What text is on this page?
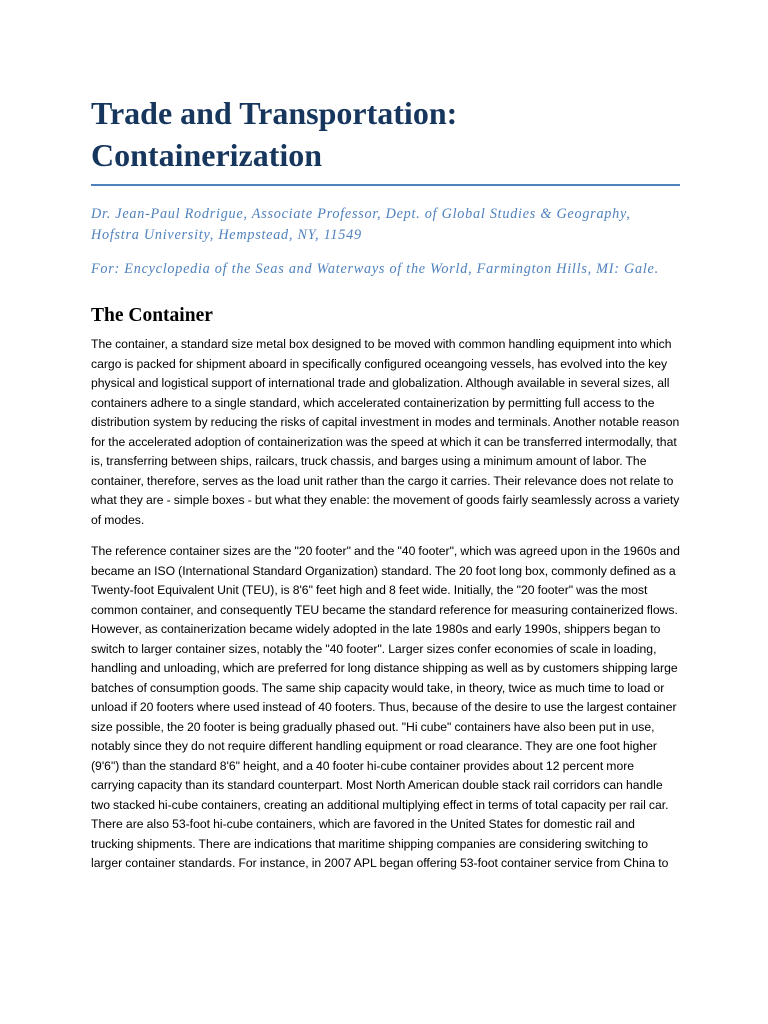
Trade and Transportation:
Containerization

Dr. Jean-Paul Rodrigue, Associate Professor, Dept. of Global Studies & Geography, Hofstra University, Hempstead, NY, 11549

For: Encyclopedia of the Seas and Waterways of the World, Farmington Hills, MI: Gale.

The Container

The container, a standard size metal box designed to be moved with common handling equipment into which cargo is packed for shipment aboard in specifically configured oceangoing vessels, has evolved into the key physical and logistical support of international trade and globalization. Although available in several sizes, all containers adhere to a single standard, which accelerated containerization by permitting full access to the distribution system by reducing the risks of capital investment in modes and terminals. Another notable reason for the accelerated adoption of containerization was the speed at which it can be transferred intermodally, that is, transferring between ships, railcars, truck chassis, and barges using a minimum amount of labor. The container, therefore, serves as the load unit rather than the cargo it carries. Their relevance does not relate to what they are - simple boxes - but what they enable: the movement of goods fairly seamlessly across a variety of modes.

The reference container sizes are the "20 footer" and the "40 footer", which was agreed upon in the 1960s and became an ISO (International Standard Organization) standard. The 20 foot long box, commonly defined as a Twenty-foot Equivalent Unit (TEU), is 8'6" feet high and 8 feet wide. Initially, the "20 footer" was the most common container, and consequently TEU became the standard reference for measuring containerized flows. However, as containerization became widely adopted in the late 1980s and early 1990s, shippers began to switch to larger container sizes, notably the "40 footer". Larger sizes confer economies of scale in loading, handling and unloading, which are preferred for long distance shipping as well as by customers shipping large batches of consumption goods. The same ship capacity would take, in theory, twice as much time to load or unload if 20 footers where used instead of 40 footers. Thus, because of the desire to use the largest container size possible, the 20 footer is being gradually phased out. "Hi cube" containers have also been put in use, notably since they do not require different handling equipment or road clearance. They are one foot higher (9'6") than the standard 8'6" height, and a 40 footer hi-cube container provides about 12 percent more carrying capacity than its standard counterpart. Most North American double stack rail corridors can handle two stacked hi-cube containers, creating an additional multiplying effect in terms of total capacity per rail car. There are also 53-foot hi-cube containers, which are favored in the United States for domestic rail and trucking shipments. There are indications that maritime shipping companies are considering switching to larger container standards. For instance, in 2007 APL began offering 53-foot container service from China to
